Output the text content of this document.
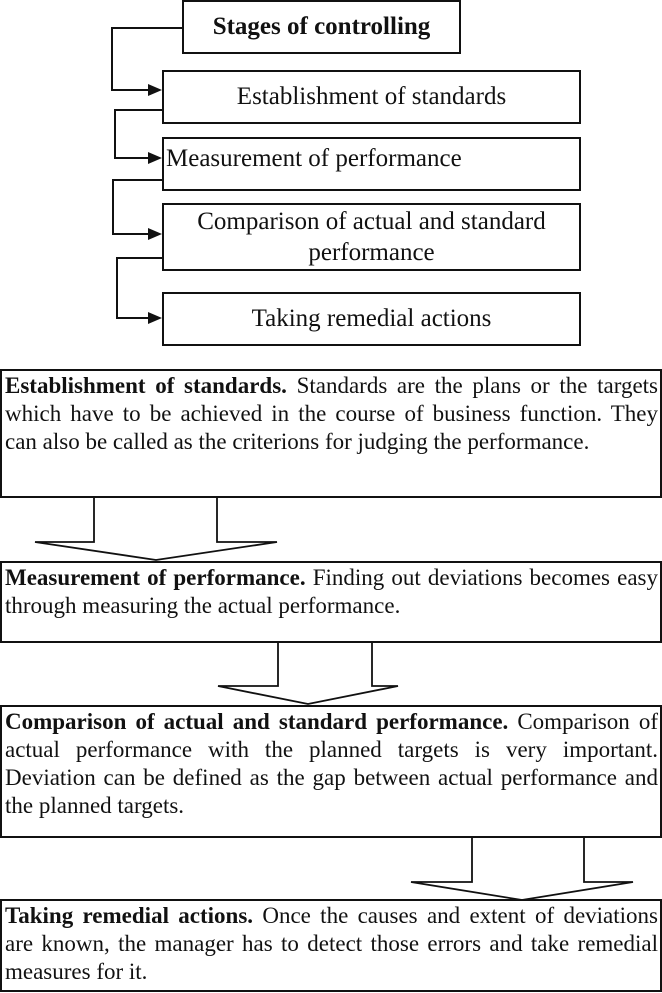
Stages of controlling
Establishment of standards
Measurement of performance
Comparison of actual and standard performance
Taking remedial actions
Establishment of standards. Standards are the plans or the targets which have to be achieved in the course of business function. They can also be called as the criterions for judging the performance.
Measurement of performance. Finding out deviations becomes easy through measuring the actual performance.
Comparison of actual and standard performance. Comparison of actual performance with the planned targets is very important. Deviation can be defined as the gap between actual performance and the planned targets.
Taking remedial actions. Once the causes and extent of deviations are known, the manager has to detect those errors and take remedial measures for it.
